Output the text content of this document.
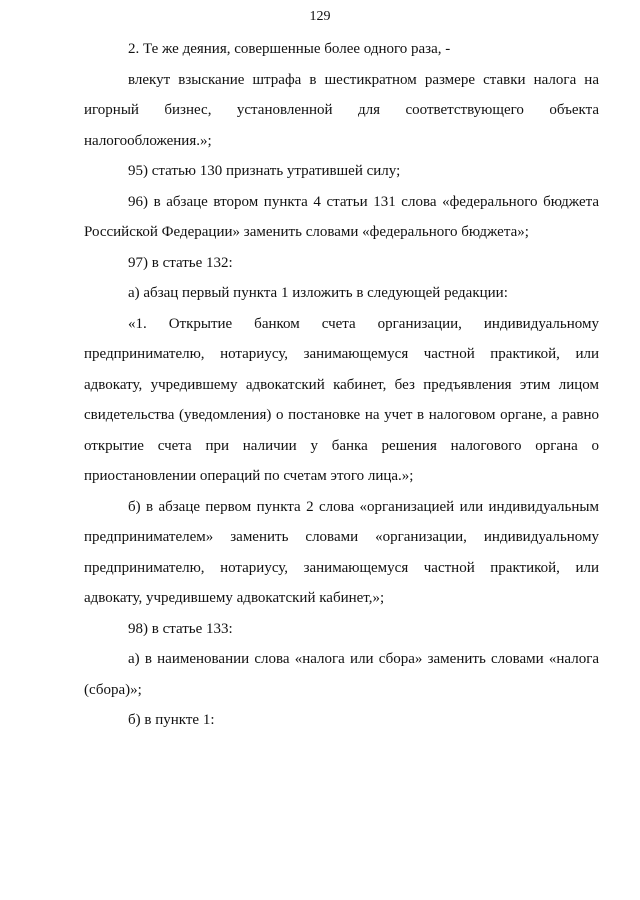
129

2. Те же деяния, совершенные более одного раза, -

влекут взыскание штрафа в шестикратном размере ставки налога на игорный бизнес, установленной для соответствующего объекта налогообложения.»;

95) статью 130 признать утратившей силу;

96) в абзаце втором пункта 4 статьи 131 слова «федерального бюджета Российской Федерации» заменить словами «федерального бюджета»;

97) в статье 132:

а) абзац первый пункта 1 изложить в следующей редакции:

«1. Открытие банком счета организации, индивидуальному предпринимателю, нотариусу, занимающемуся частной практикой, или адвокату, учредившему адвокатский кабинет, без предъявления этим лицом свидетельства (уведомления) о постановке на учет в налоговом органе, а равно открытие счета при наличии у банка решения налогового органа о приостановлении операций по счетам этого лица.»;

б) в абзаце первом пункта 2 слова «организацией или индивидуальным предпринимателем» заменить словами «организации, индивидуальному предпринимателю, нотариусу, занимающемуся частной практикой, или адвокату, учредившему адвокатский кабинет,»;

98) в статье 133:

а) в наименовании слова «налога или сбора» заменить словами «налога (сбора)»;

б) в пункте 1:
